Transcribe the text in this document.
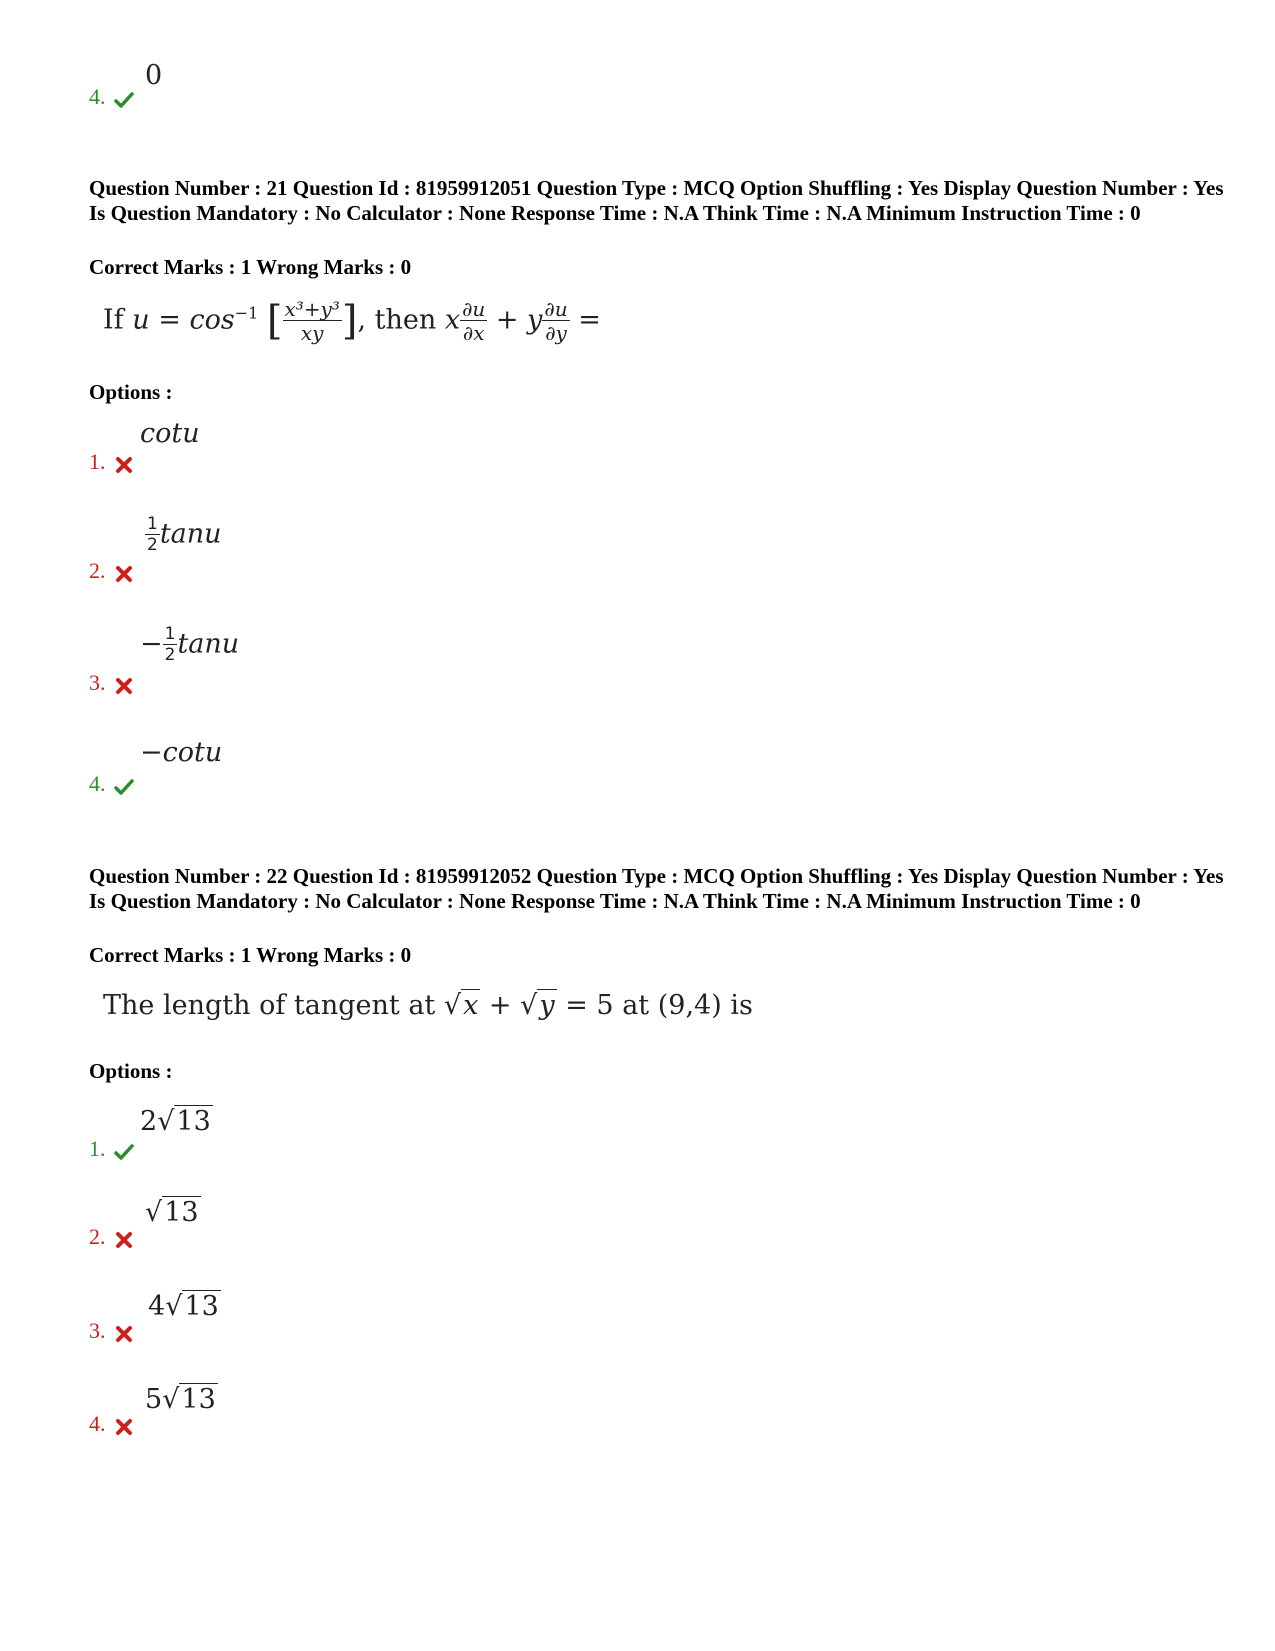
4.
0
Question Number : 21 Question Id : 81959912051 Question Type : MCQ Option Shuffling : Yes Display Question Number : Yes Is Question Mandatory : No Calculator : None Response Time : N.A Think Time : N.A Minimum Instruction Time : 0
Correct Marks : 1 Wrong Marks : 0
If $u = \cos^{-1}$ [ $\frac{\text{x³+y³}}{xy}$ ], then x $\frac{\partial u}{\partial x} + y \frac{\partial u}{\partial y}$ =
Options :
1.
cotu
2.
$\frac{1}{2}$ tanu
3.
− $\frac{1}{2}$ tanu
4.
−cotu
Question Number : 22 Question Id : 81959912052 Question Type : MCQ Option Shuffling : Yes Display Question Number : Yes Is Question Mandatory : No Calculator : None Response Time : N.A Think Time : N.A Minimum Instruction Time : 0
Correct Marks : 1 Wrong Marks : 0
The length of tangent at √x + √y = 5 at (9,4) is
Options :
1.
2√13
2.
√13
3.
4√13
4.
5√13
